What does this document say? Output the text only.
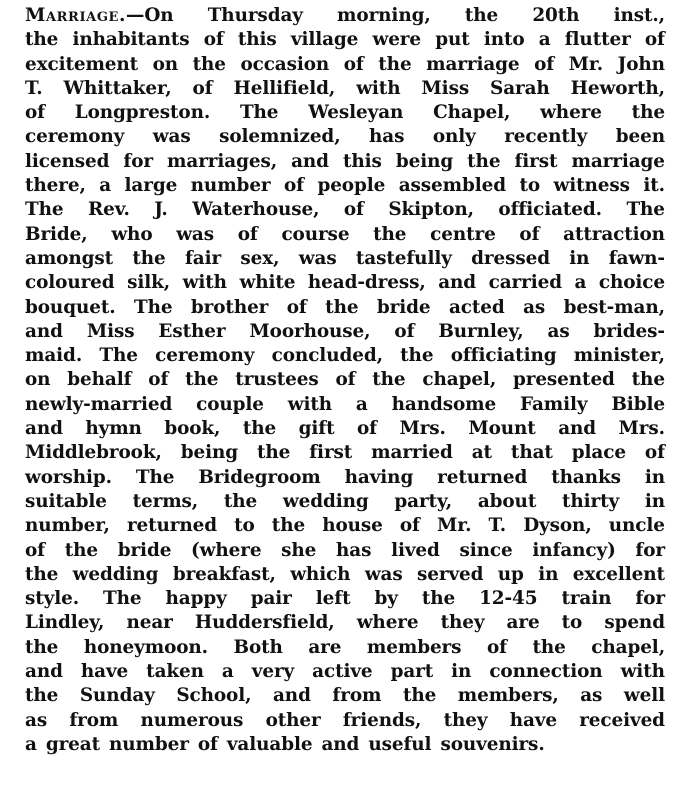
Marriage.—On Thursday morning, the 20th inst.,
the inhabitants of this village were put into a flutter of
excitement on the occasion of the marriage of Mr. John
T. Whittaker, of Hellifield, with Miss Sarah Heworth,
of Longpreston. The Wesleyan Chapel, where the
ceremony was solemnized, has only recently been
licensed for marriages, and this being the first marriage
there, a large number of people assembled to witness it.
The Rev. J. Waterhouse, of Skipton, officiated. The
Bride, who was of course the centre of attraction
amongst the fair sex, was tastefully dressed in fawn-
coloured silk, with white head-dress, and carried a choice
bouquet. The brother of the bride acted as best-man,
and Miss Esther Moorhouse, of Burnley, as brides-
maid. The ceremony concluded, the officiating minister,
on behalf of the trustees of the chapel, presented the
newly-married couple with a handsome Family Bible
and hymn book, the gift of Mrs. Mount and Mrs.
Middlebrook, being the first married at that place of
worship. The Bridegroom having returned thanks in
suitable terms, the wedding party, about thirty in
number, returned to the house of Mr. T. Dyson, uncle
of the bride (where she has lived since infancy) for
the wedding breakfast, which was served up in excellent
style. The happy pair left by the 12-45 train for
Lindley, near Huddersfield, where they are to spend
the honeymoon. Both are members of the chapel,
and have taken a very active part in connection with
the Sunday School, and from the members, as well
as from numerous other friends, they have received
a great number of valuable and useful souvenirs.
